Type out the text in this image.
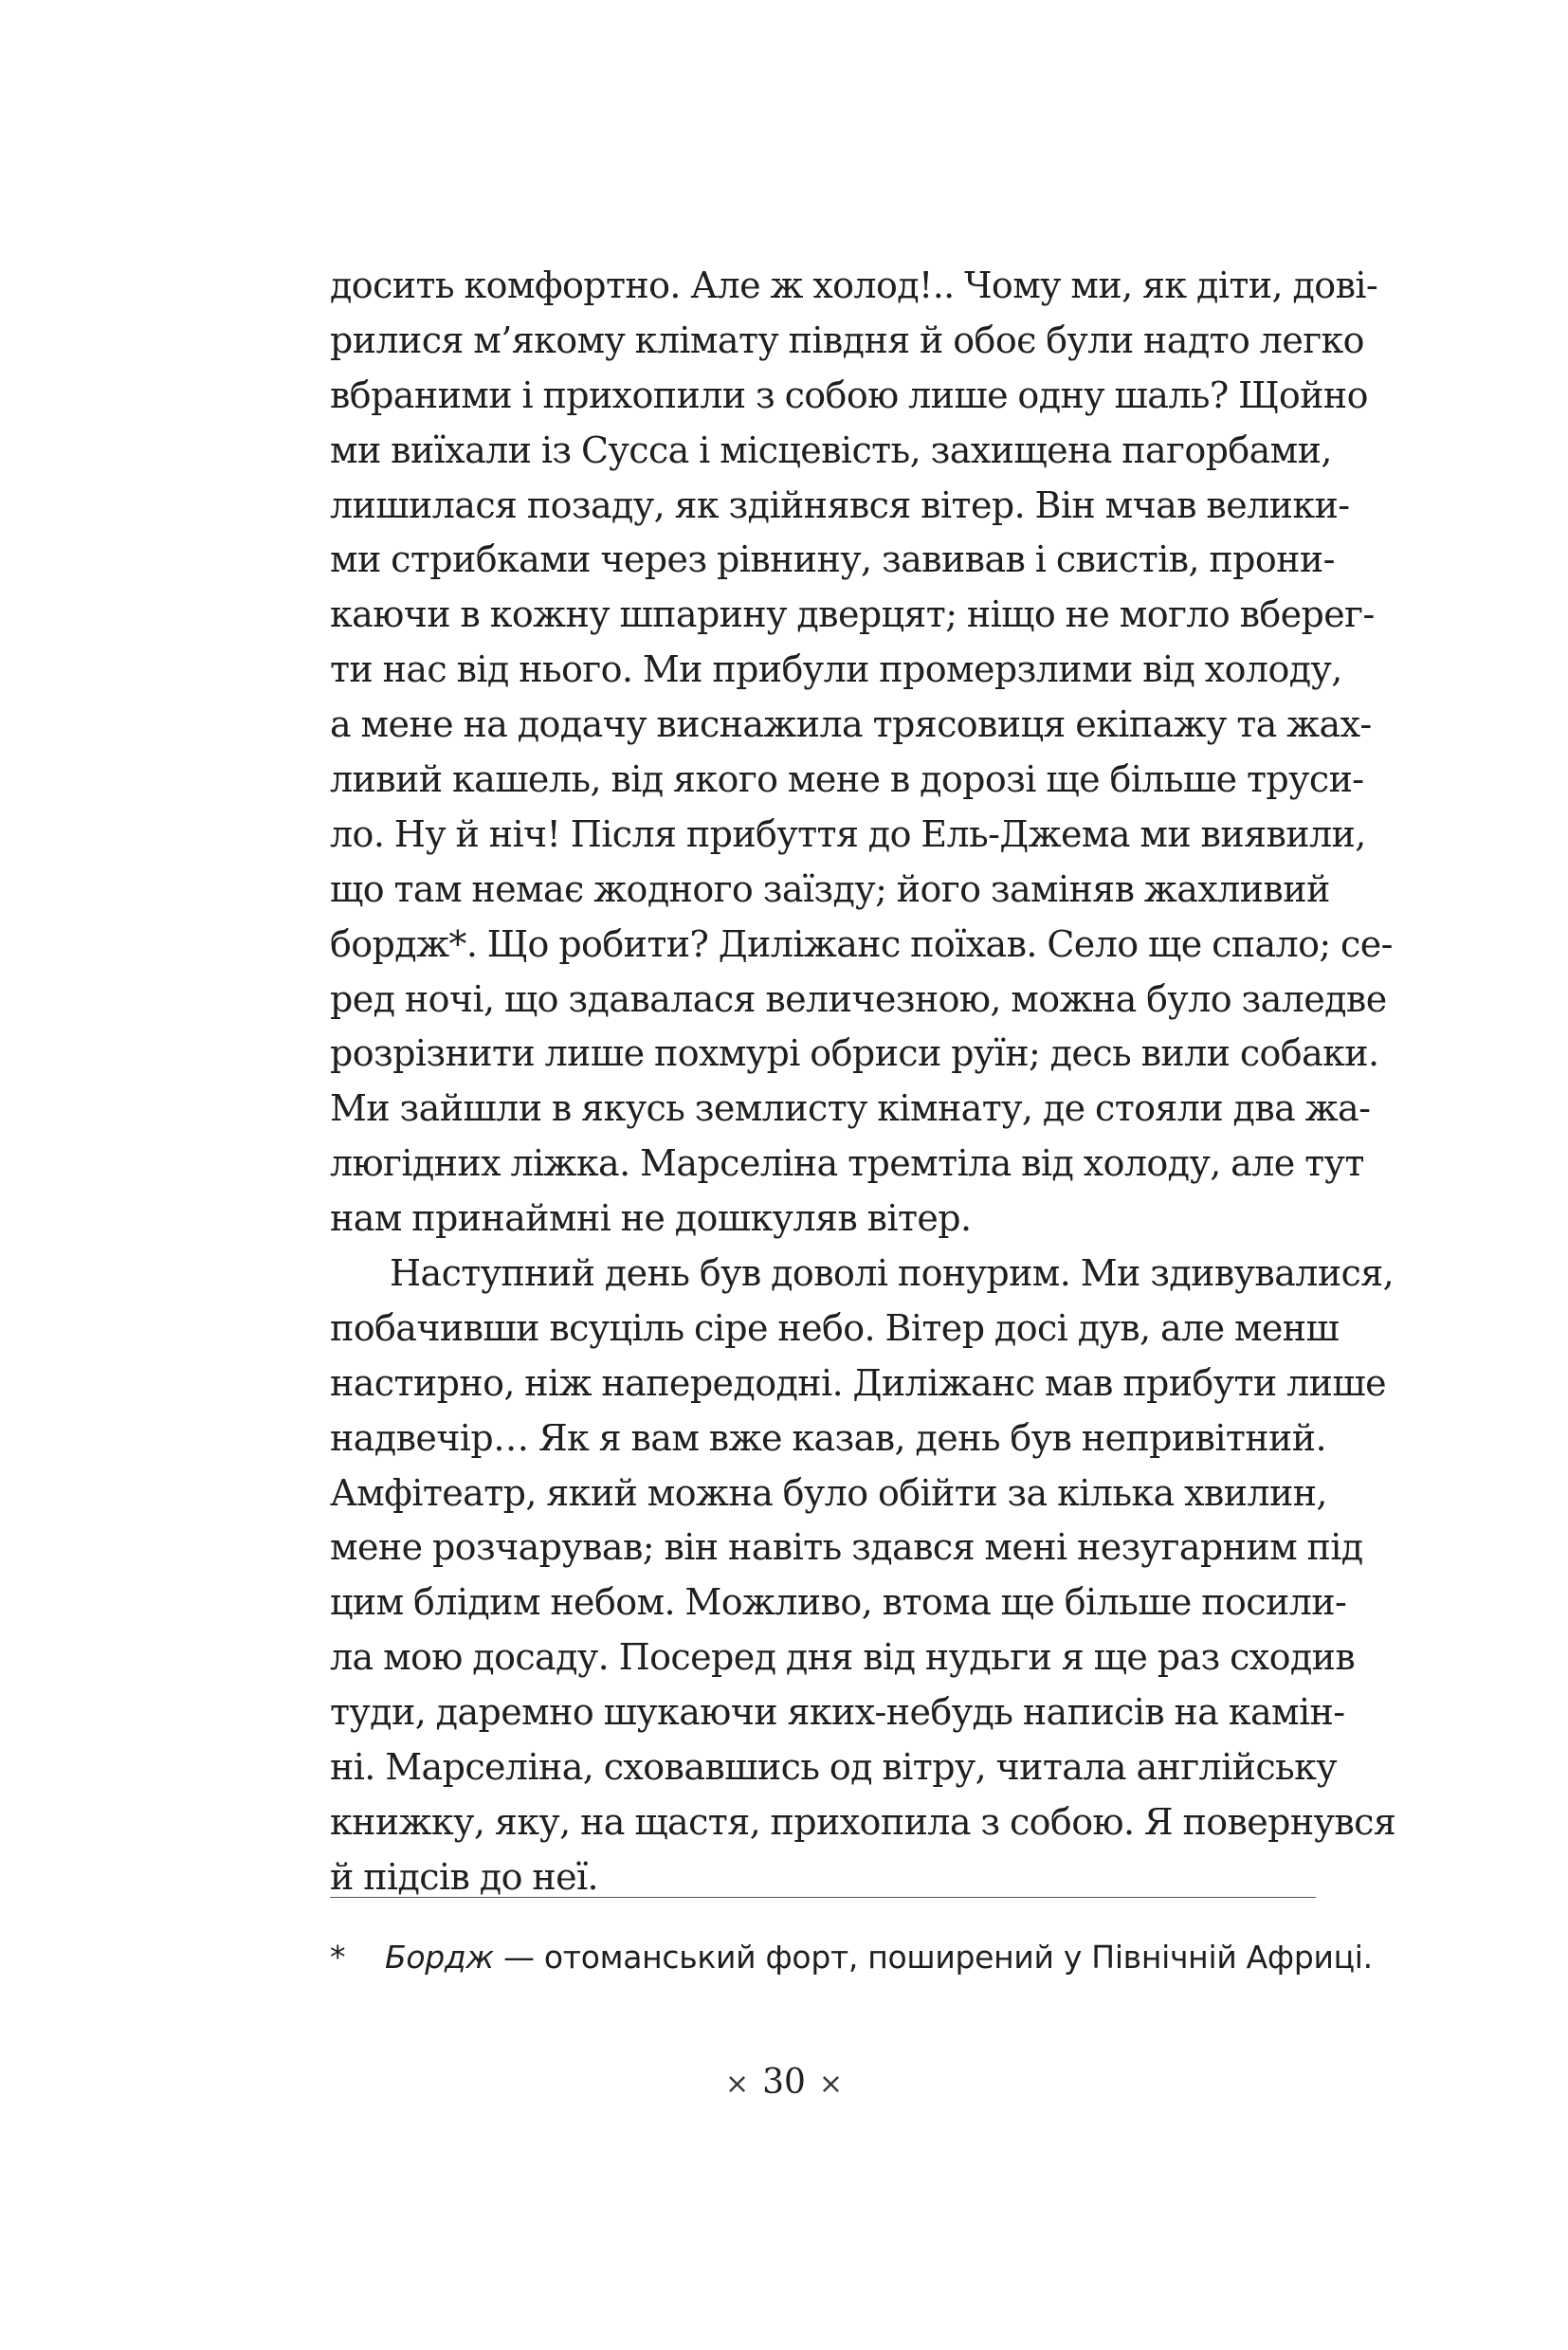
досить комфортно. Але ж холод!.. Чому ми, як діти, дові-
рилися м’якому клімату півдня й обоє були надто легко
вбраними і прихопили з собою лише одну шаль? Щойно
ми виїхали із Сусса і місцевість, захищена пагорбами,
лишилася позаду, як здійнявся вітер. Він мчав велики-
ми стрибками через рівнину, завивав і свистів, прони-
каючи в кожну шпарину дверцят; ніщо не могло вберег-
ти нас від нього. Ми прибули промерзлими від холоду,
а мене на додачу виснажила трясовиця екіпажу та жах-
ливий кашель, від якого мене в дорозі ще більше труси-
ло. Ну й ніч! Після прибуття до Ель-Джема ми виявили,
що там немає жодного заїзду; його заміняв жахливий
бордж*. Що робити? Диліжанс поїхав. Село ще спало; се-
ред ночі, що здавалася величезною, можна було заледве
розрізнити лише похмурі обриси руїн; десь вили собаки.
Ми зайшли в якусь землисту кімнату, де стояли два жа-
люгідних ліжка. Марселіна тремтіла від холоду, але тут
нам принаймні не дошкуляв вітер.
Наступний день був доволі понурим. Ми здивувалися,
побачивши всуціль сіре небо. Вітер досі дув, але менш
настирно, ніж напередодні. Диліжанс мав прибути лише
надвечір… Як я вам вже казав, день був непривітний.
Амфітеатр, який можна було обійти за кілька хвилин,
мене розчарував; він навіть здався мені незугарним під
цим блідим небом. Можливо, втома ще більше посили-
ла мою досаду. Посеред дня від нудьги я ще раз сходив
туди, даремно шукаючи яких-небудь написів на камін-
ні. Марселіна, сховавшись од вітру, читала англійську
книжку, яку, на щастя, прихопила з собою. Я повернувся
й підсів до неї.
* Бордж — отоманський форт, поширений у Північній Африці.
× 30 ×
